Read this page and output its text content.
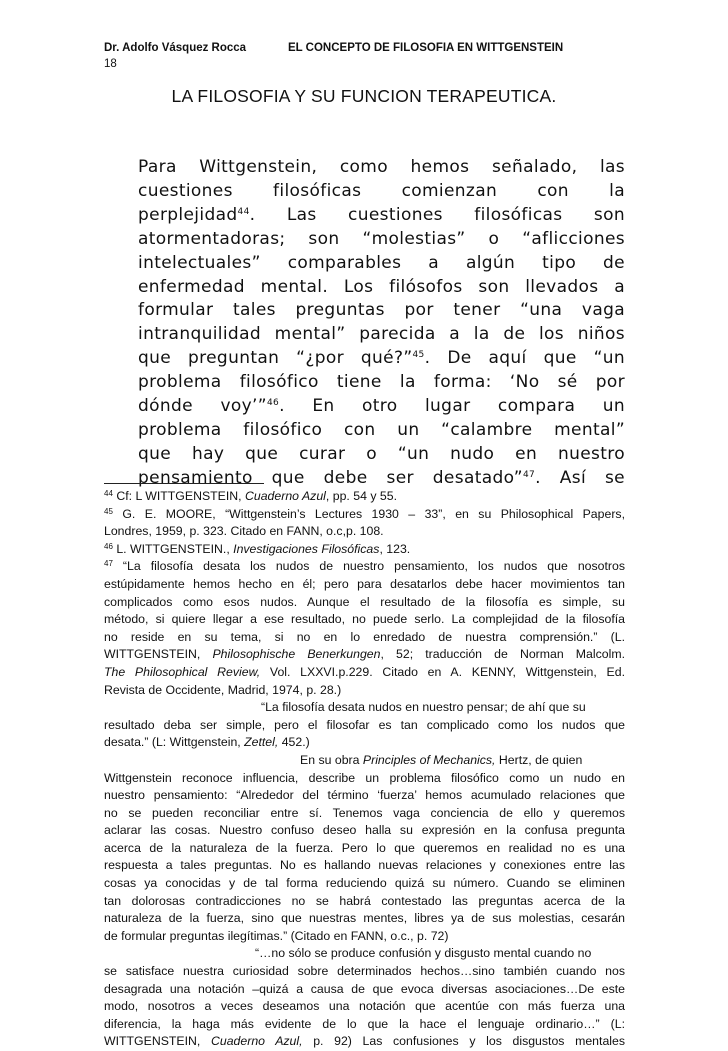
Dr. Adolfo Vásquez Rocca	EL CONCEPTO DE FILOSOFIA EN WITTGENSTEIN
18
LA FILOSOFIA Y SU FUNCION TERAPEUTICA.
Para Wittgenstein, como hemos señalado, las
cuestiones filosóficas comienzan con la
perplejidad$^{44}$. Las cuestiones filosóficas son
atormentadoras; son “molestias” o “aflicciones
intelectuales” comparables a algún tipo de
enfermedad mental. Los filósofos son llevados a
formular tales preguntas por tener “una vaga
intranquilidad mental” parecida a la de los niños
que preguntan “¿por qué?”$^{45}$. De aquí que “un
problema filosófico tiene la forma: ‘No sé por
dónde voy’”$^{46}$. En otro lugar compara un
problema filosófico con un “calambre mental”
que hay que curar o “un nudo en nuestro
pensamiento que debe ser desatado”$^{47}$. Así se
$^{44}$ Cf: L WITTGENSTEIN, Cuaderno Azul, pp. 54 y 55.
$^{45}$ G. E. MOORE, “Wittgenstein’s Lectures 1930 – 33”, en su Philosophical Papers,
Londres, 1959, p. 323. Citado en FANN, o.c,p. 108.
$^{46}$ L. WITTGENSTEIN., Investigaciones Filosóficas, 123.
$^{47}$ “La filosofía desata los nudos de nuestro pensamiento, los nudos que nosotros
estúpidamente hemos hecho en él; pero para desatarlos debe hacer movimientos tan
complicados como esos nudos. Aunque el resultado de la filosofía es simple, su
método, si quiere llegar a ese resultado, no puede serlo. La complejidad de la filosofía
no reside en su tema, si no en lo enredado de nuestra comprensión.” (L.
WITTGENSTEIN, Philosophische Benerkungen, 52; traducción de Norman Malcolm.
The Philosophical Review, Vol. LXXVI.p.229. Citado en A. KENNY, Wittgenstein, Ed.
Revista de Occidente, Madrid, 1974, p. 28.)
“La filosofía desata nudos en nuestro pensar; de ahí que su
resultado deba ser simple, pero el filosofar es tan complicado como los nudos que
desata.” (L: Wittgenstein, Zettel, 452.)
En su obra Principles of Mechanics, Hertz, de quien
Wittgenstein reconoce influencia, describe un problema filosófico como un nudo en
nuestro pensamiento: “Alrededor del término ‘fuerza’ hemos acumulado relaciones que
no se pueden reconciliar entre sí. Tenemos vaga conciencia de ello y queremos
aclarar las cosas. Nuestro confuso deseo halla su expresión en la confusa pregunta
acerca de la naturaleza de la fuerza. Pero lo que queremos en realidad no es una
respuesta a tales preguntas. No es hallando nuevas relaciones y conexiones entre las
cosas ya conocidas y de tal forma reduciendo quizá su número. Cuando se eliminen
tan dolorosas contradicciones no se habrá contestado las preguntas acerca de la
naturaleza de la fuerza, sino que nuestras mentes, libres ya de sus molestias, cesarán
de formular preguntas ilegítimas.” (Citado en FANN, o.c., p. 72)
“…no sólo se produce confusión y disgusto mental cuando no
se satisface nuestra curiosidad sobre determinados hechos…sino también cuando nos
desagrada una notación –quizá a causa de que evoca diversas asociaciones…De este
modo, nosotros a veces deseamos una notación que acentúe con más fuerza una
diferencia, la haga más evidente de lo que la hace el lenguaje ordinario…” (L:
WITTGENSTEIN, Cuaderno Azul, p. 92) Las confusiones y los disgustos mentales
